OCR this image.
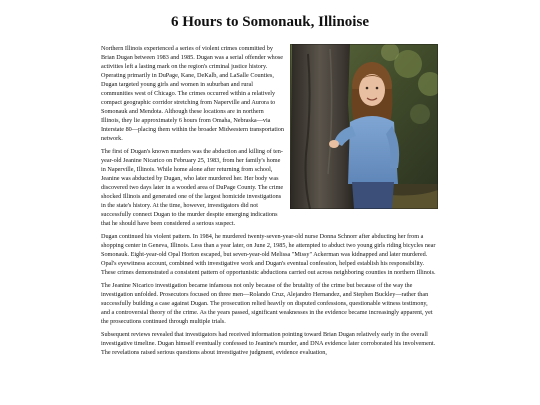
6 Hours to Somonauk, Illinoise

Northern Illinois experienced a series of violent crimes committed by Brian Dugan between 1983 and 1985. Dugan was a serial offender whose activities left a lasting mark on the region's criminal justice history. Operating primarily in DuPage, Kane, DeKalb, and LaSalle Counties, Dugan targeted young girls and women in suburban and rural communities west of Chicago. The crimes occurred within a relatively compact geographic corridor stretching from Naperville and Aurora to Somonauk and Mendota. Although these locations are in northern Illinois, they lie approximately 6 hours from Omaha, Nebraska—via Interstate 80—placing them within the broader Midwestern transportation network.

The first of Dugan's known murders was the abduction and killing of ten-year-old Jeanine Nicarico on February 25, 1983, from her family's home in Naperville, Illinois. While home alone after returning from school, Jeanine was abducted by Dugan, who later murdered her. Her body was discovered two days later in a wooded area of DuPage County. The crime shocked Illinois and generated one of the largest homicide investigations in the state's history. At the time, however, investigators did not successfully connect Dugan to the murder despite emerging indications that he should have been considered a serious suspect.

Dugan continued his violent pattern. In 1984, he murdered twenty-seven-year-old nurse Donna Schnorr after abducting her from a shopping center in Geneva, Illinois. Less than a year later, on June 2, 1985, he attempted to abduct two young girls riding bicycles near Somonauk. Eight-year-old Opal Horton escaped, but seven-year-old Melissa "Missy" Ackerman was kidnapped and later murdered. Opal's eyewitness account, combined with investigative work and Dugan's eventual confession, helped establish his responsibility. These crimes demonstrated a consistent pattern of opportunistic abductions carried out across neighboring counties in northern Illinois.

The Jeanine Nicarico investigation became infamous not only because of the brutality of the crime but because of the way the investigation unfolded. Prosecutors focused on three men—Rolando Cruz, Alejandro Hernandez, and Stephen Buckley—rather than successfully building a case against Dugan. The prosecution relied heavily on disputed confessions, questionable witness testimony, and a controversial theory of the crime. As the years passed, significant weaknesses in the evidence became increasingly apparent, yet the prosecutions continued through multiple trials.

Subsequent reviews revealed that investigators had received information pointing toward Brian Dugan relatively early in the overall investigative timeline. Dugan himself eventually confessed to Jeanine's murder, and DNA evidence later corroborated his involvement. The revelations raised serious questions about investigative judgment, evidence evaluation,
